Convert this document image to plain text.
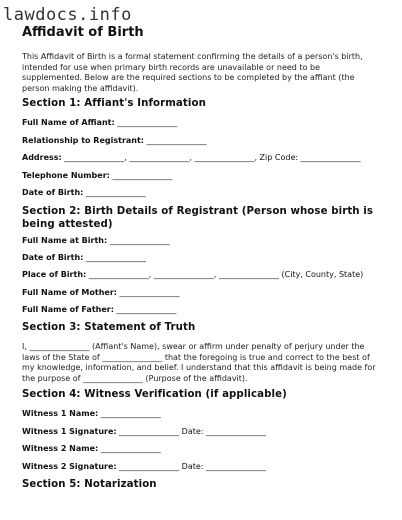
lawdocs.info
Affidavit of Birth

This Affidavit of Birth is a formal statement confirming the details of a person's birth, intended for use when primary birth records are unavailable or need to be supplemented. Below are the required sections to be completed by the affiant (the person making the affidavit).

Section 1: Affiant's Information

Full Name of Affiant: _______________

Relationship to Registrant: _______________

Address: _______________, _______________, _______________, Zip Code: _______________

Telephone Number: _______________

Date of Birth: _______________

Section 2: Birth Details of Registrant (Person whose birth is being attested)

Full Name at Birth: _______________

Date of Birth: _______________

Place of Birth: _______________, _______________, _______________ (City, County, State)

Full Name of Mother: _______________

Full Name of Father: _______________

Section 3: Statement of Truth

I, _______________ (Affiant's Name), swear or affirm under penalty of perjury under the laws of the State of _______________ that the foregoing is true and correct to the best of my knowledge, information, and belief. I understand that this affidavit is being made for the purpose of _______________ (Purpose of the affidavit).

Section 4: Witness Verification (if applicable)

Witness 1 Name: _______________

Witness 1 Signature: _______________ Date: _______________

Witness 2 Name: _______________

Witness 2 Signature: _______________ Date: _______________

Section 5: Notarization
